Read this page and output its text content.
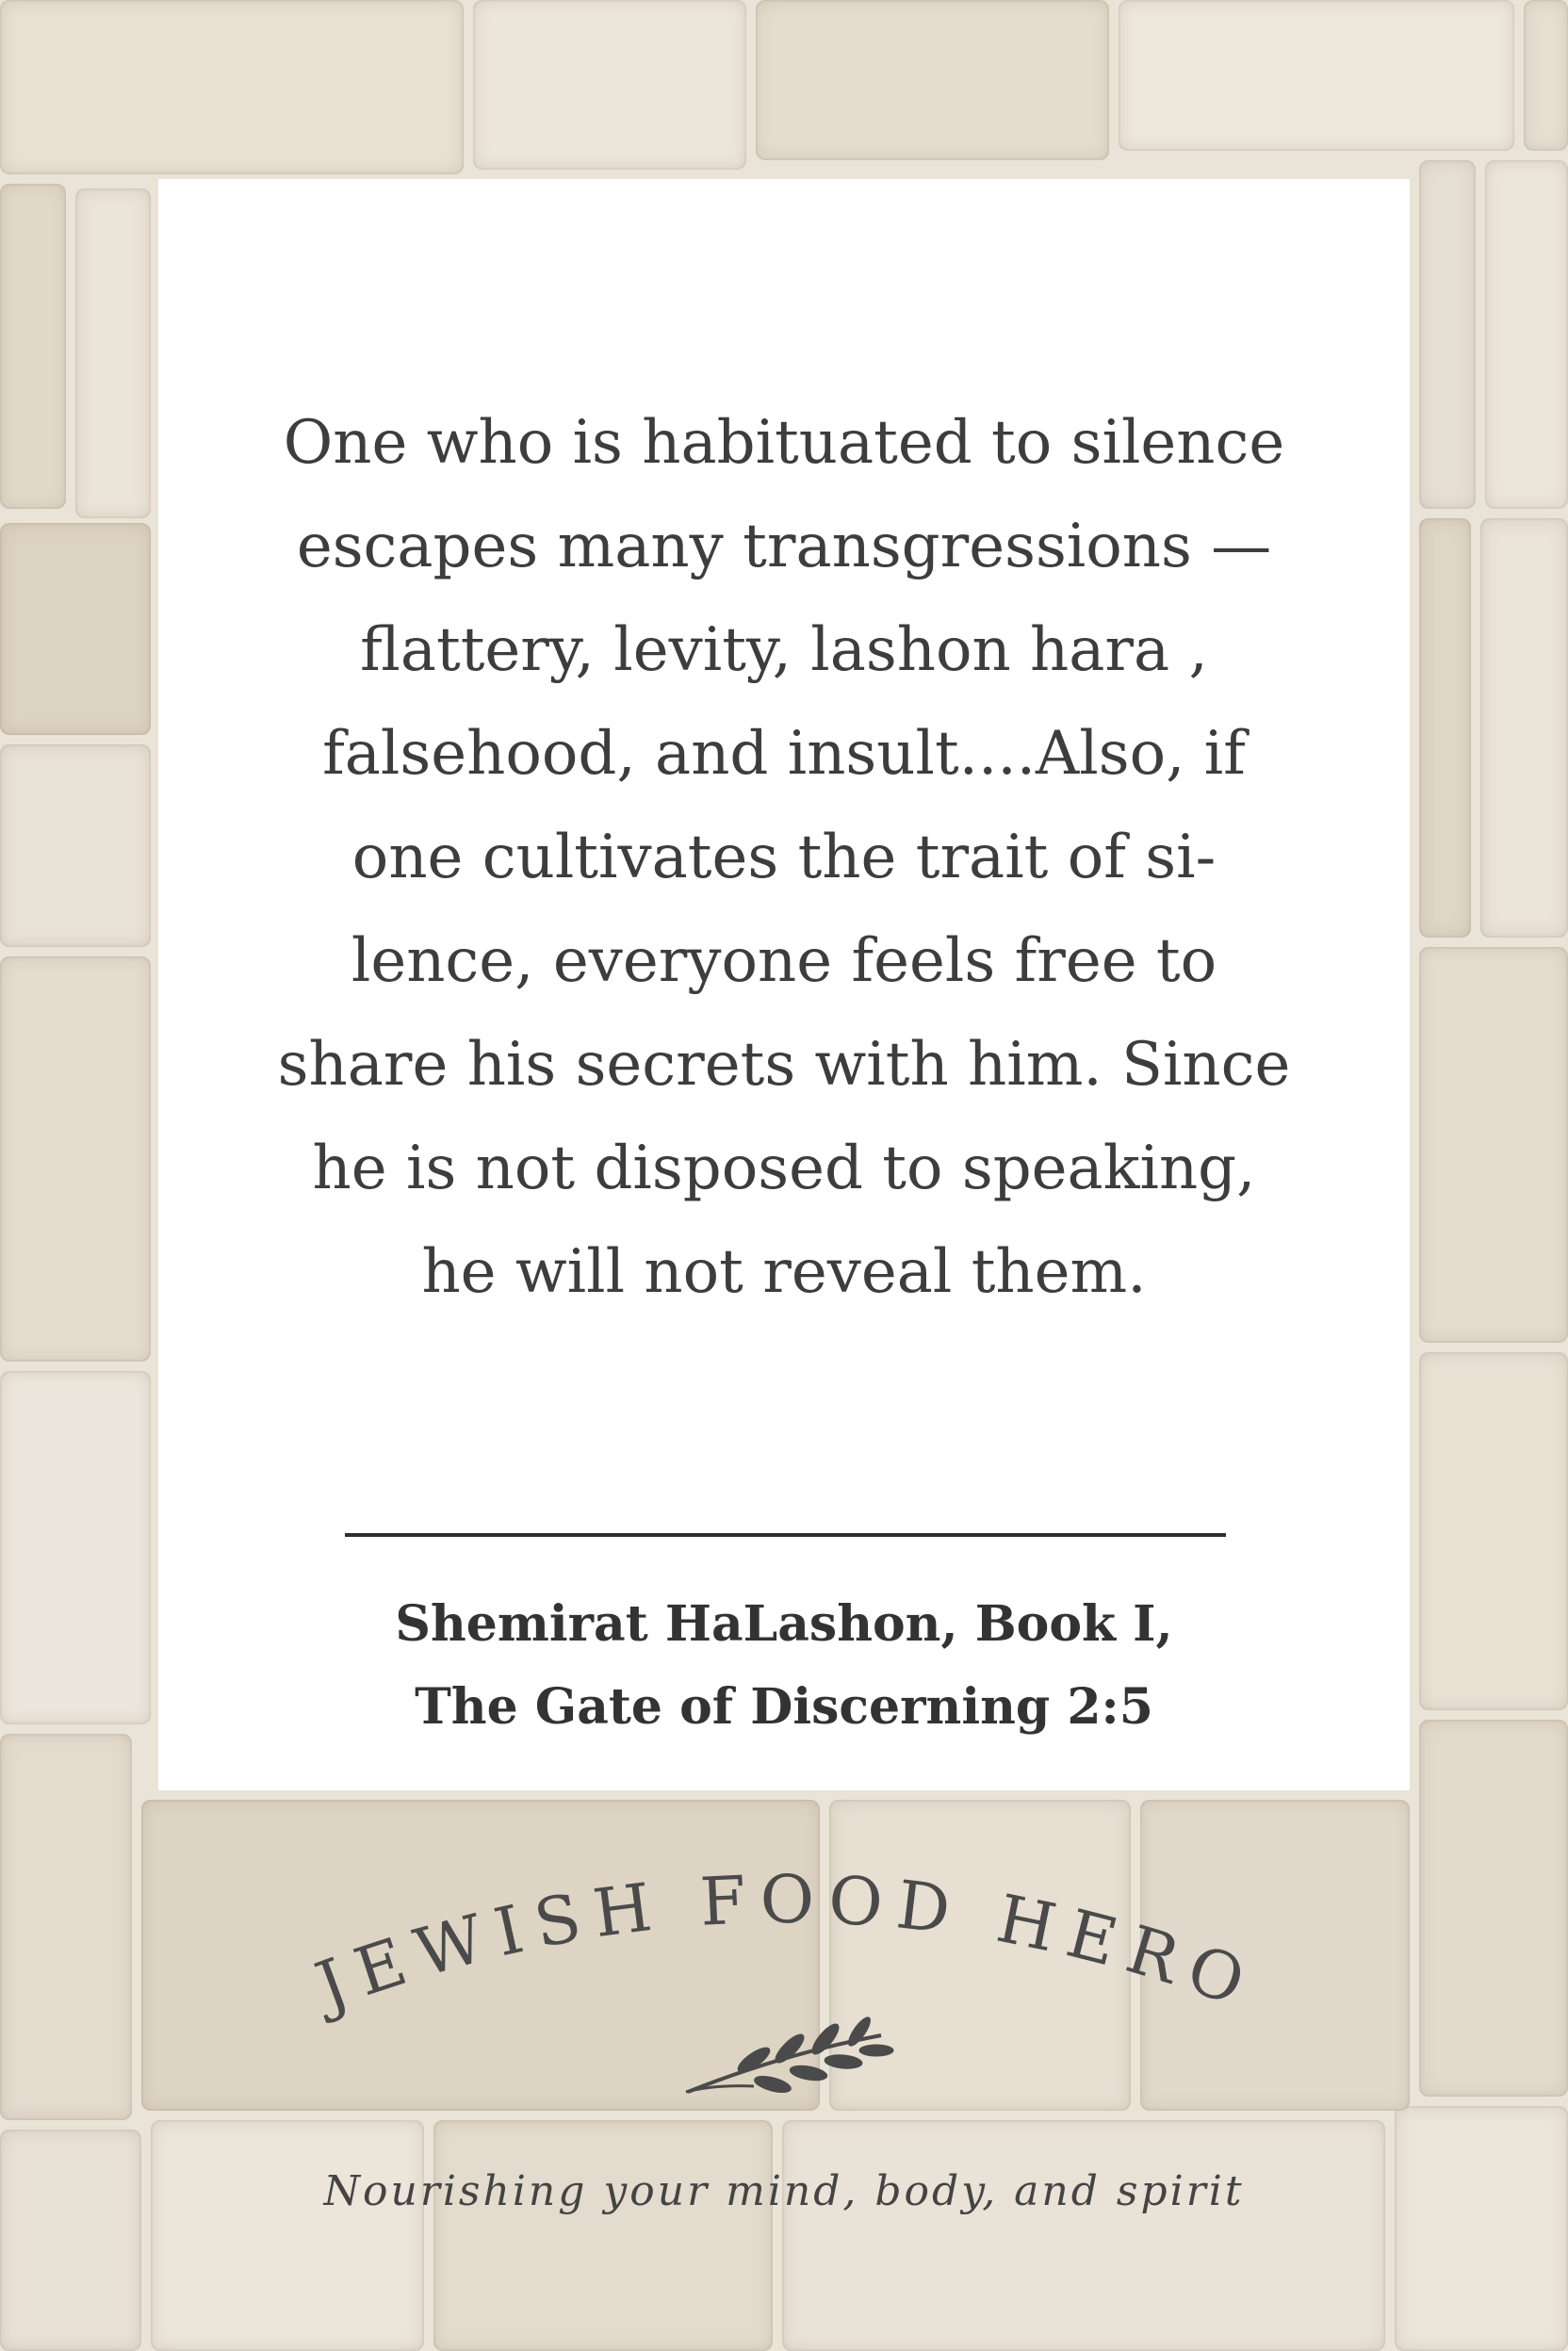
One who is habituated to silence
escapes many transgressions —
flattery, levity, lashon hara ,
falsehood, and insult....Also, if
one cultivates the trait of si-
lence, everyone feels free to
share his secrets with him. Since
he is not disposed to speaking,
he will not reveal them.

Shemirat HaLashon, Book I,
The Gate of Discerning 2:5

JEWISH FOOD HERO
Nourishing your mind, body, and spirit
